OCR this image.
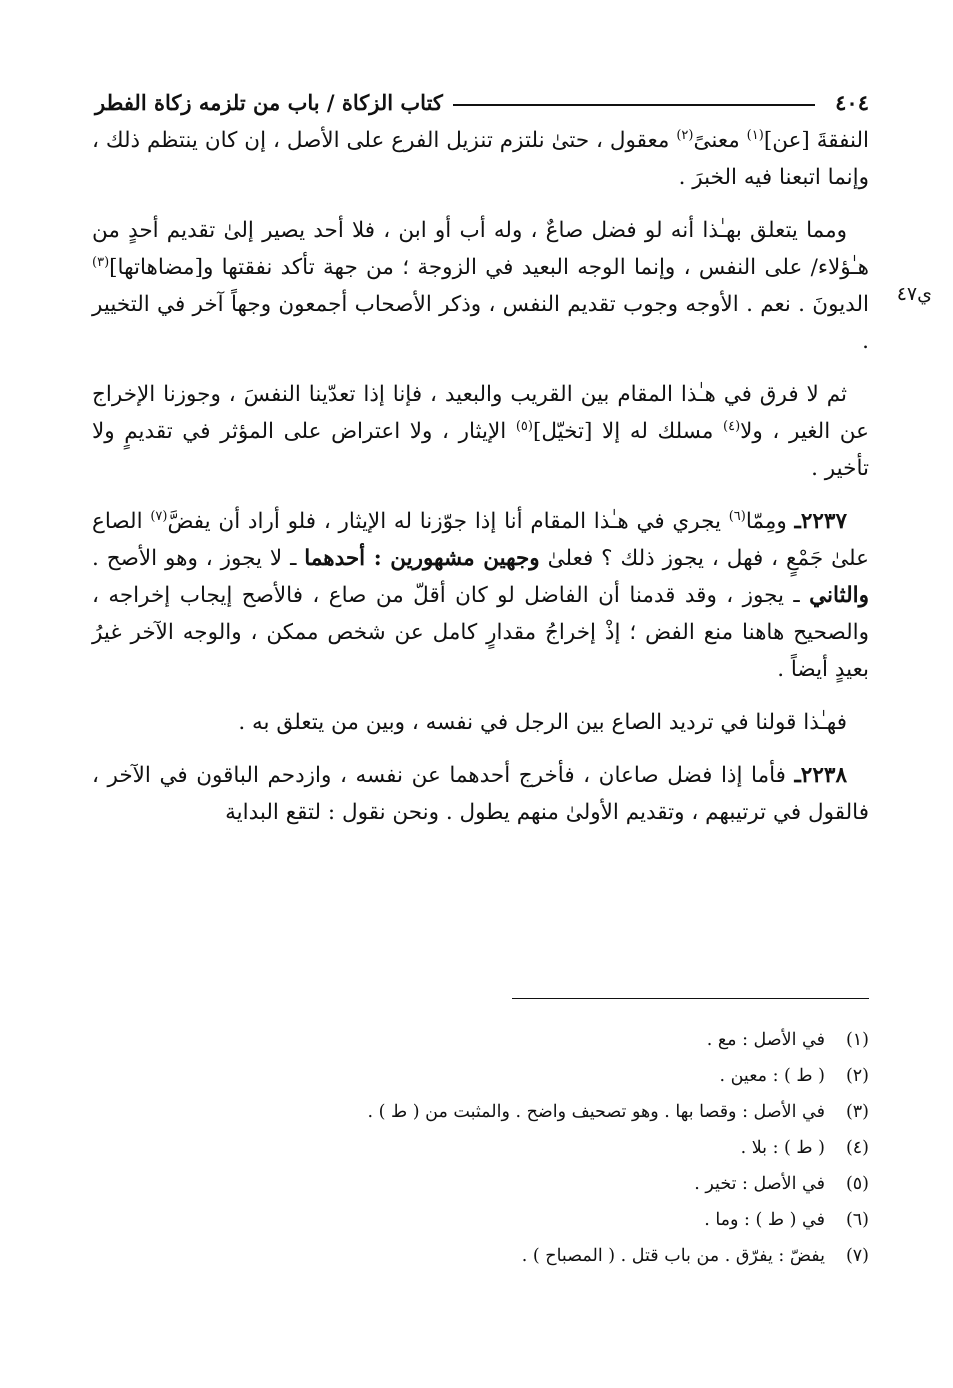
٤٠٤
كتاب الزكاة / باب من تلزمه زكاة الفطر
ي٤٧

النفقةَ [عن]$^{(١)}$ معنىً$^{(٢)}$ معقول ، حتىٰ نلتزم تنزيل الفرع على الأصل ، إن كان ينتظم ذلك ، وإنما اتبعنا فيه الخبرَ .

ومما يتعلق بهـٰذا أنه لو فضل صاعٌ ، وله أب أو ابن ، فلا أحد يصير إلىٰ تقديم أحدٍ من هـٰؤلاء/ على النفس ، وإنما الوجه البعيد في الزوجة ؛ من جهة تأكد نفقتها و[مضاهاتها]$^{(٣)}$ الديونَ . نعم . الأوجه وجوب تقديم النفس ، وذكر الأصحاب أجمعون وجهاً آخر في التخيير .

ثم لا فرق في هـٰذا المقام بين القريب والبعيد ، فإنا إذا تعدّينا النفسَ ، وجوزنا الإخراج عن الغير ، ولا$^{(٤)}$ مسلك له إلا [تخيّل]$^{(٥)}$ الإيثار ، ولا اعتراض على المؤثر في تقديمٍ ولا تأخير .

٢٢٣٧ـ ومِمّا$^{(٦)}$ يجري في هـٰذا المقام أنا إذا جوّزنا له الإيثار ، فلو أراد أن يفضَّ$^{(٧)}$ الصاع علىٰ جَمْعٍ ، فهل ، يجوز ذلك ؟ فعلىٰ وجهين مشهورين : أحدهما ـ لا يجوز ، وهو الأصح . والثاني ـ يجوز ، وقد قدمنا أن الفاضل لو كان أقلّ من صاع ، فالأصح إيجاب إخراجه ، والصحيح هاهنا منع الفض ؛ إذْ إخراجُ مقدارٍ كامل عن شخص ممكن ، والوجه الآخر غيرُ بعيدٍ أيضاً .

فهـٰذا قولنا في ترديد الصاع بين الرجل في نفسه ، وبين من يتعلق به .

٢٢٣٨ـ فأما إذا فضل صاعان ، فأخرج أحدهما عن نفسه ، وازدحم الباقون في الآخر ، فالقول في ترتيبهم ، وتقديم الأولىٰ منهم يطول . ونحن نقول : لتقع البداية

(١)
في الأصل : مع .
(٢)
( ط ) : معين .
(٣)
في الأصل : وقصا بها . وهو تصحيف واضح . والمثبت من ( ط ) .
(٤)
( ط ) : بلا .
(٥)
في الأصل : تخير .
(٦)
في ( ط ) : وما .
(٧)
يفضّ : يفرّق . من باب قتل . ( المصباح ) .
